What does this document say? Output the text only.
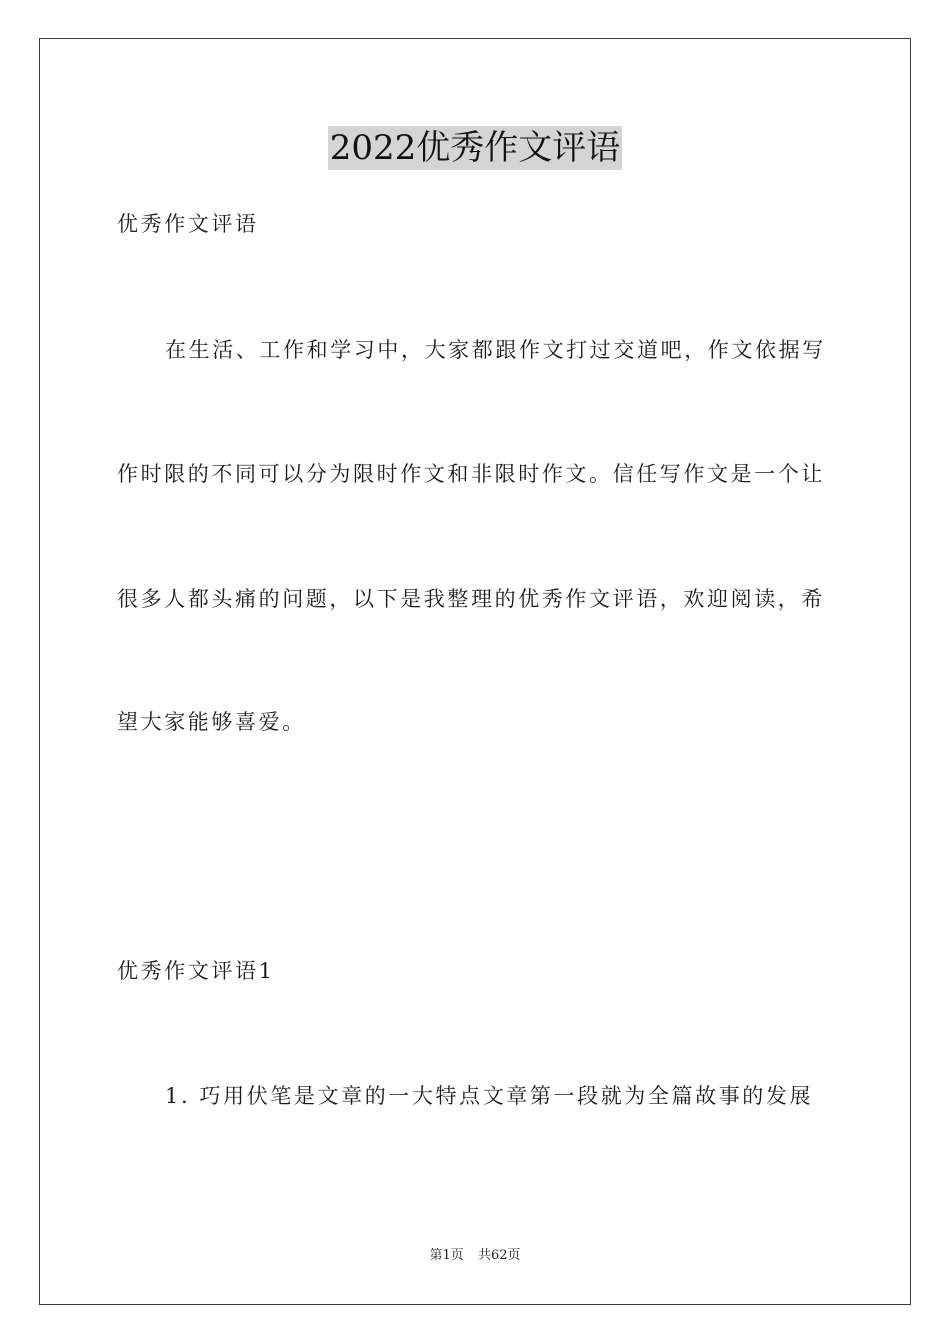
2022优秀作文评语
优秀作文评语
在生活、工作和学习中，大家都跟作文打过交道吧，作文依据写
作时限的不同可以分为限时作文和非限时作文。信任写作文是一个让
很多人都头痛的问题，以下是我整理的优秀作文评语，欢迎阅读，希
望大家能够喜爱。
优秀作文评语1
1. 巧用伏笔是文章的一大特点文章第一段就为全篇故事的发展
第1页 共62页
